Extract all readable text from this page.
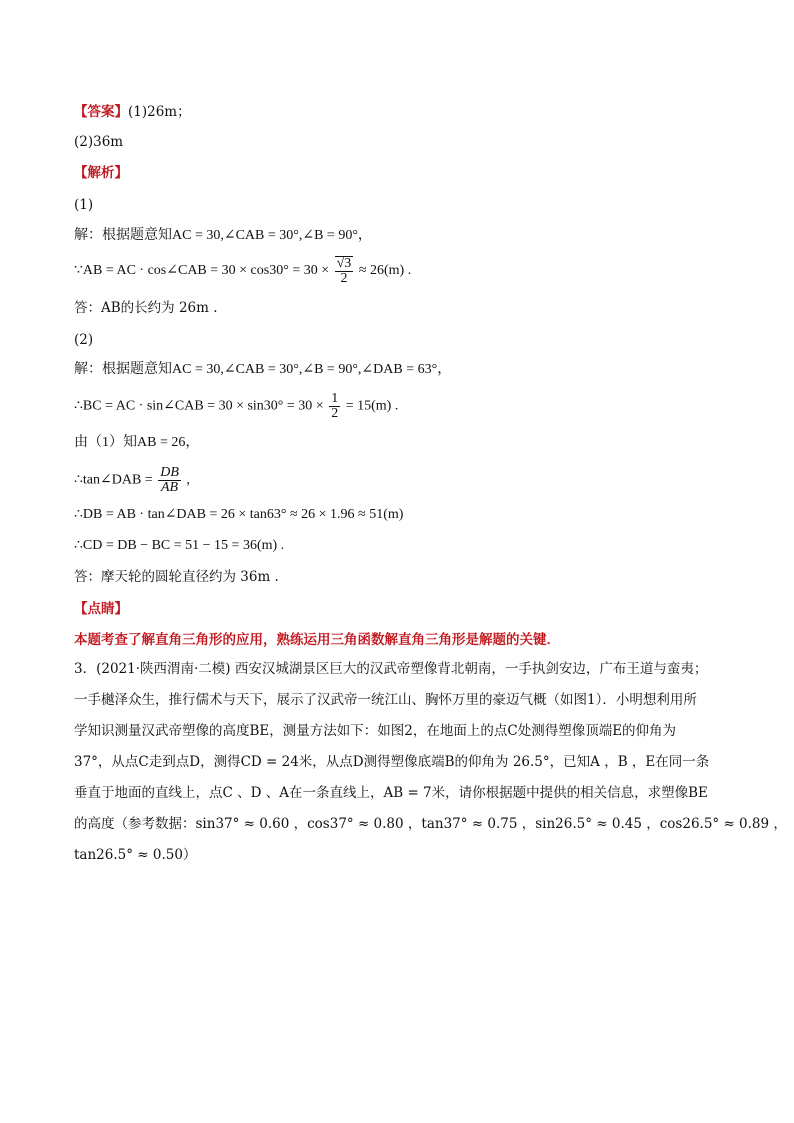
【答案】(1)26m；
(2)36m
【解析】
(1)
解：根据题意知AC = 30,∠CAB = 30°,∠B = 90°，
∵AB = AC · cos∠CAB = $30 \times \cos 30^\circ = 30 \times \frac{√3}{2} \approx 26(m)$ .
答：AB的长约为 26m .
(2)
解：根据题意知AC = 30,∠CAB = 30°,∠B = 90°,∠DAB = 63°，
∴BC = AC · sin∠CAB = $30 \times \sin 30^\circ = 30 \times \frac{1}{2} = 15(m)$ .
由（1）知AB = 26，
∴tan∠DAB = $\frac{DB}{AB}$ ,
∴DB = AB · tan∠DAB = 26 × tan63° ≈ 26 × 1.96 ≈ 51(m)
∴CD = DB − BC = 51 − 15 = 36(m) .
答：摩天轮的圆轮直径约为 36m .
【点睛】
本题考查了解直角三角形的应用，熟练运用三角函数解直角三角形是解题的关键．
3．(2021·陕西渭南·二模) 西安汉城湖景区巨大的汉武帝塑像背北朝南，一手执剑安边，广布王道与蛮夷；
一手樾泽众生，推行儒术与天下，展示了汉武帝一统江山、胸怀万里的豪迈气概（如图1）．小明想利用所
学知识测量汉武帝塑像的高度BE，测量方法如下：如图2，在地面上的点C处测得塑像顶端E的仰角为
37°，从点C走到点D，测得CD = 24米，从点D测得塑像底端B的仰角为 26.5°，已知A ，B ，E在同一条
垂直于地面的直线上，点C 、D 、A在一条直线上，AB = 7米，请你根据题中提供的相关信息，求塑像BE
的高度（参考数据：sin37° ≈ 0.60 ，cos37° ≈ 0.80 ，tan37° ≈ 0.75 ，sin26.5° ≈ 0.45 ，cos26.5° ≈ 0.89 ，
tan26.5° ≈ 0.50）
